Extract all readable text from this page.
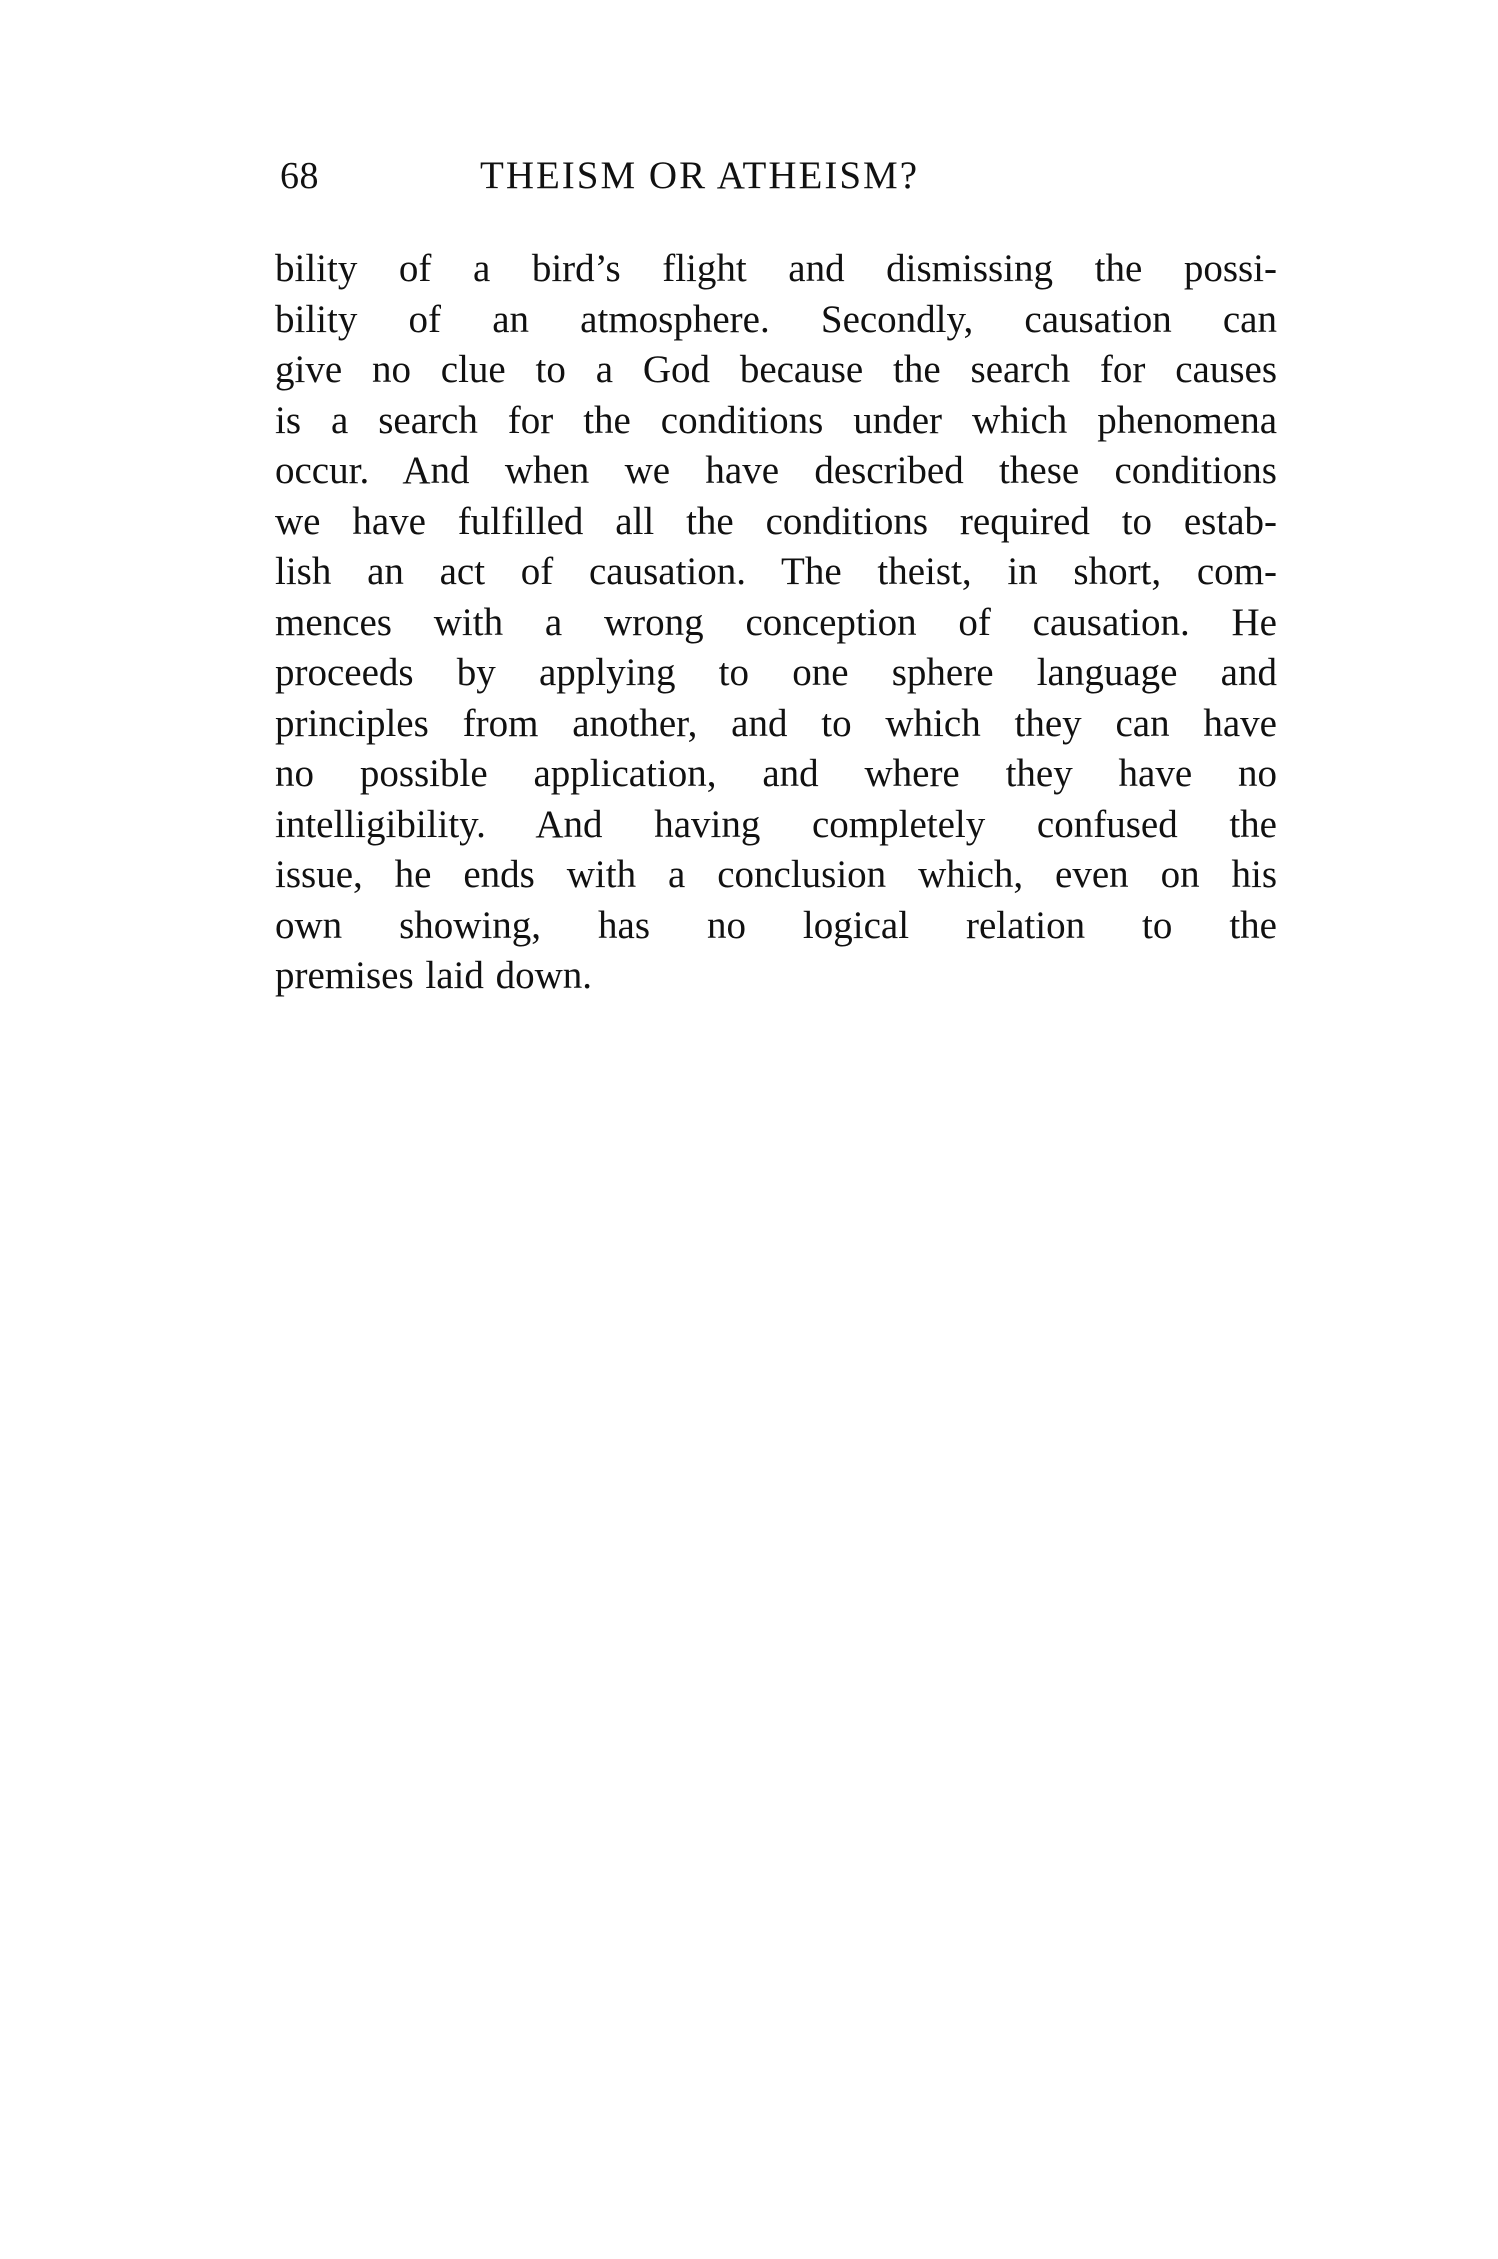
68	THEISM OR ATHEISM?
bility of a bird’s flight and dismissing the possi-
bility of an atmosphere. Secondly, causation can
give no clue to a God because the search for causes
is a search for the conditions under which phenomena
occur. And when we have described these conditions
we have fulfilled all the conditions required to estab-
lish an act of causation. The theist, in short, com-
mences with a wrong conception of causation. He
proceeds by applying to one sphere language and
principles from another, and to which they can have
no possible application, and where they have no
intelligibility. And having completely confused the
issue, he ends with a conclusion which, even on his
own showing, has no logical relation to the
premises laid down.
